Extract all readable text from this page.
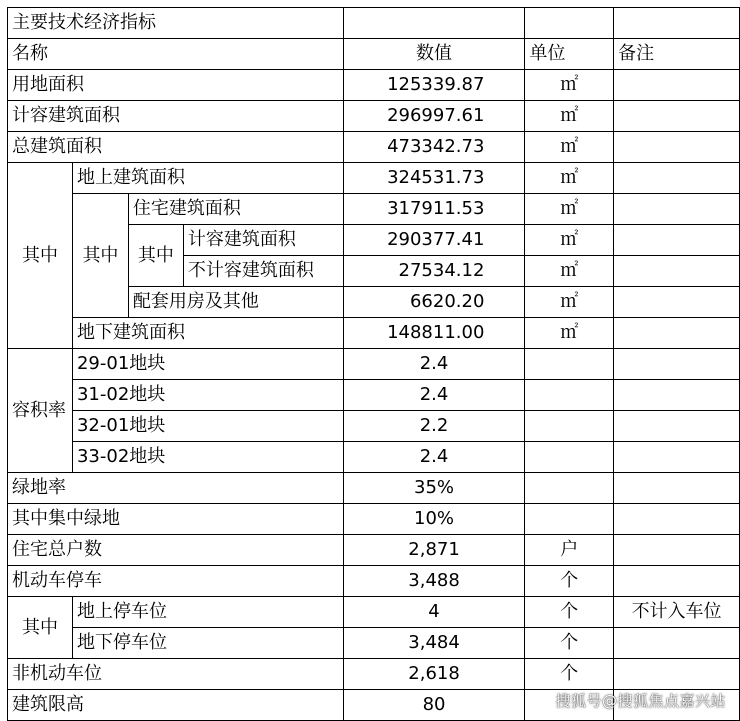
主要技术经济指标						
名称				数值	单位	备注
用地面积				125339.87	㎡	
计容建筑面积				296997.61	㎡	
总建筑面积				473342.73	㎡	
其中	地上建筑面积			324531.73	㎡	
	其中	住宅建筑面积		317911.53	㎡	
		其中	计容建筑面积	290377.41	㎡	
			不计容建筑面积	27534.12	㎡	
		配套用房及其他		6620.20	㎡	
	地下建筑面积			148811.00	㎡	
容积率	29-01地块			2.4		
	31-02地块			2.4		
	32-01地块			2.2		
	33-02地块			2.4		
绿地率				35%		
其中集中绿地				10%		
住宅总户数				2,871	户	
机动车停车				3,488	个	
其中	地上停车位			4	个	不计入车位
	地下停车位			3,484	个	
非机动车位				2,618	个	
建筑限高				80			搜狐号@搜狐焦点嘉兴站
